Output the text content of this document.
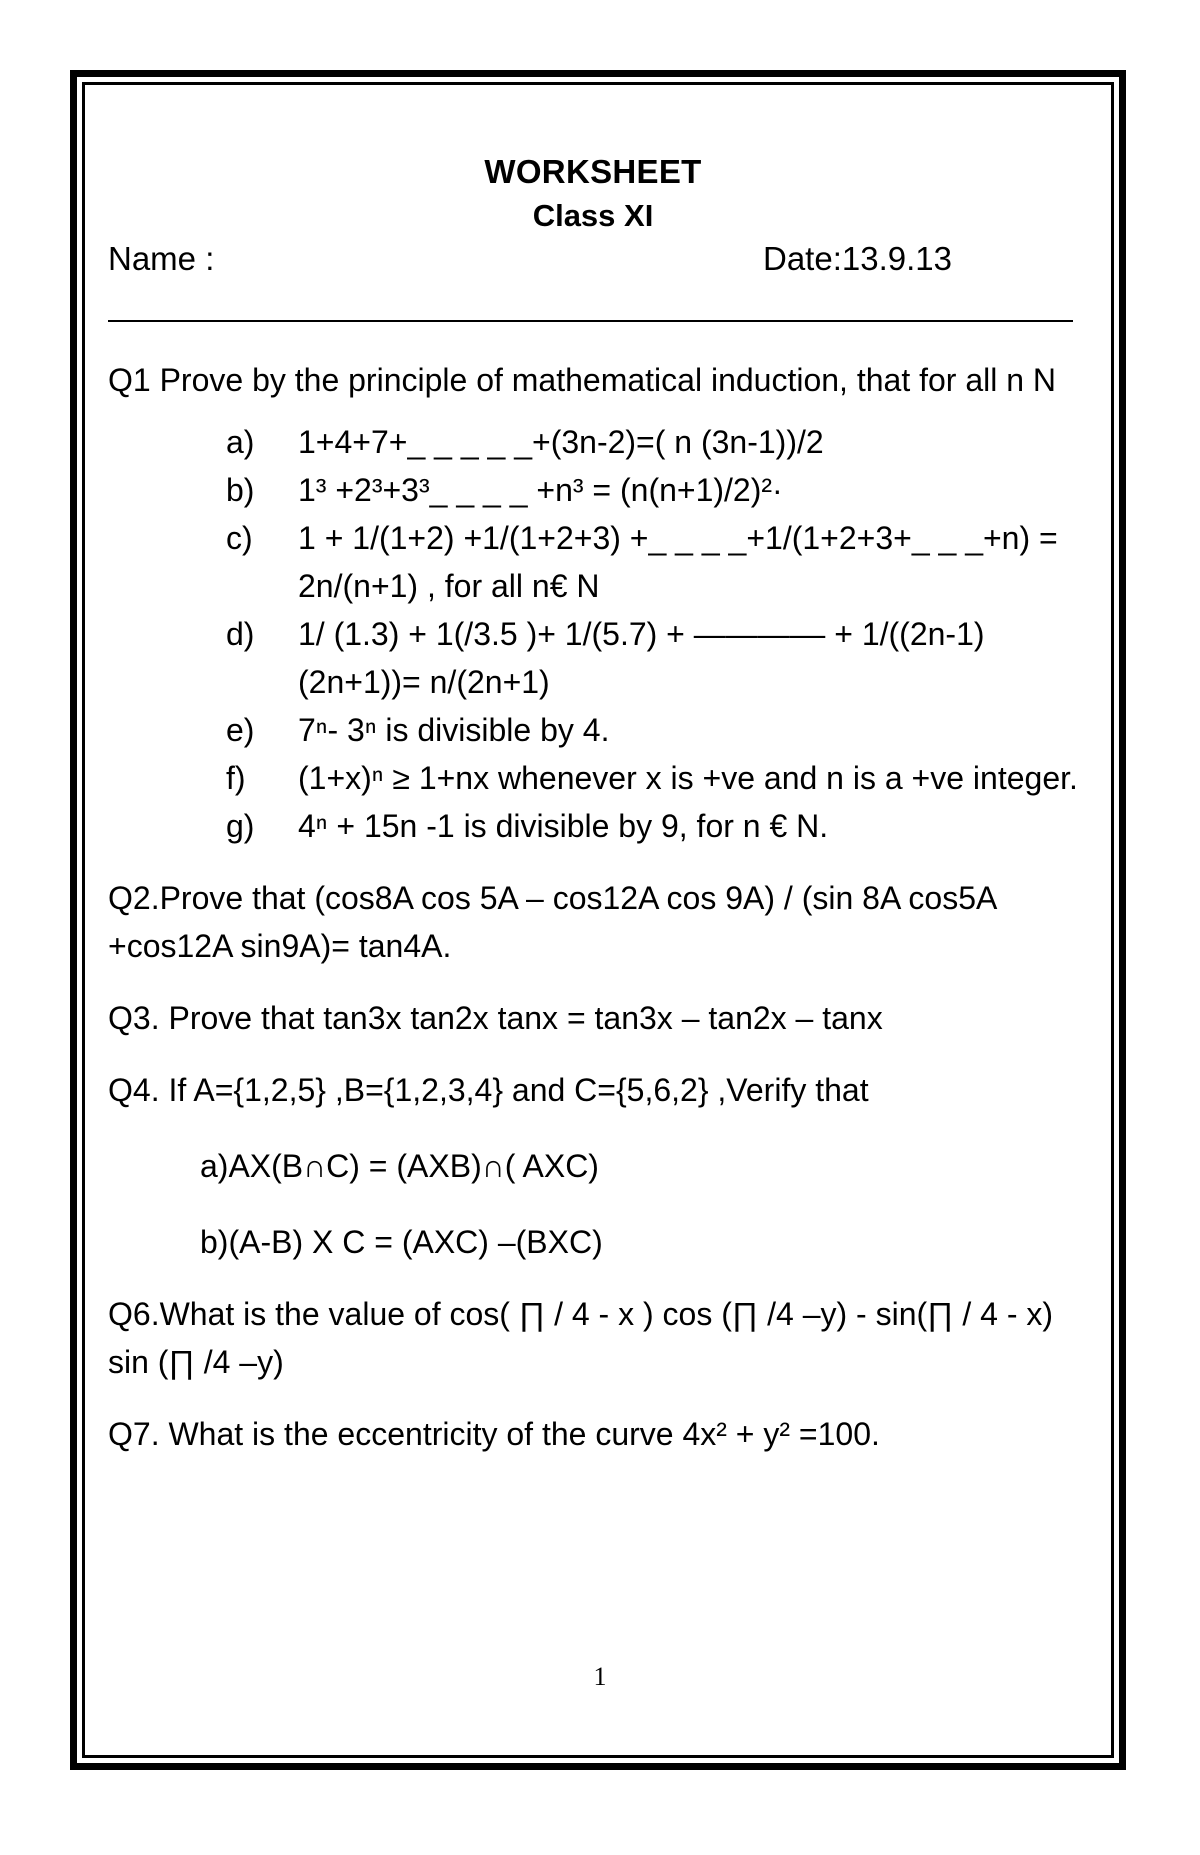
WORKSHEET

Class XI

Name :	Date:13.9.13

Q1 Prove by the principle of mathematical induction, that for all n N

a) 1+4+7+_ _ _ _ _+(3n-2)=( n (3n-1))/2
b) 1³ +2³+3³_ _ _ _ +n³ = (n(n+1)/2)²·
c) 1 + 1/(1+2) +1/(1+2+3) +_ _ _ _+1/(1+2+3+_ _ _+n) = 2n/(n+1) , for all n€ N
d) 1/ (1.3) + 1(/3.5 )+ 1/(5.7) + ———–– + 1/((2n-1)(2n+1))= n/(2n+1)
e) 7ⁿ- 3ⁿ is divisible by 4.
f) (1+x)ⁿ ≥ 1+nx whenever x is +ve and n is a +ve integer.
g) 4ⁿ + 15n -1 is divisible by 9, for n € N.

Q2.Prove that (cos8A cos 5A – cos12A cos 9A) / (sin 8A cos5A +cos12A sin9A)= tan4A.

Q3. Prove that tan3x tan2x tanx = tan3x – tan2x – tanx

Q4. If A={1,2,5} ,B={1,2,3,4} and C={5,6,2} ,Verify that

a)AX(B∩C) = (AXB)∩( AXC)
b)(A-B) X C = (AXC) –(BXC)

Q6.What is the value of cos( ∏ / 4 - x ) cos (∏ /4 –y) - sin(∏ / 4 - x) sin (∏ /4 –y)

Q7. What is the eccentricity of the curve 4x² + y² =100.

1
